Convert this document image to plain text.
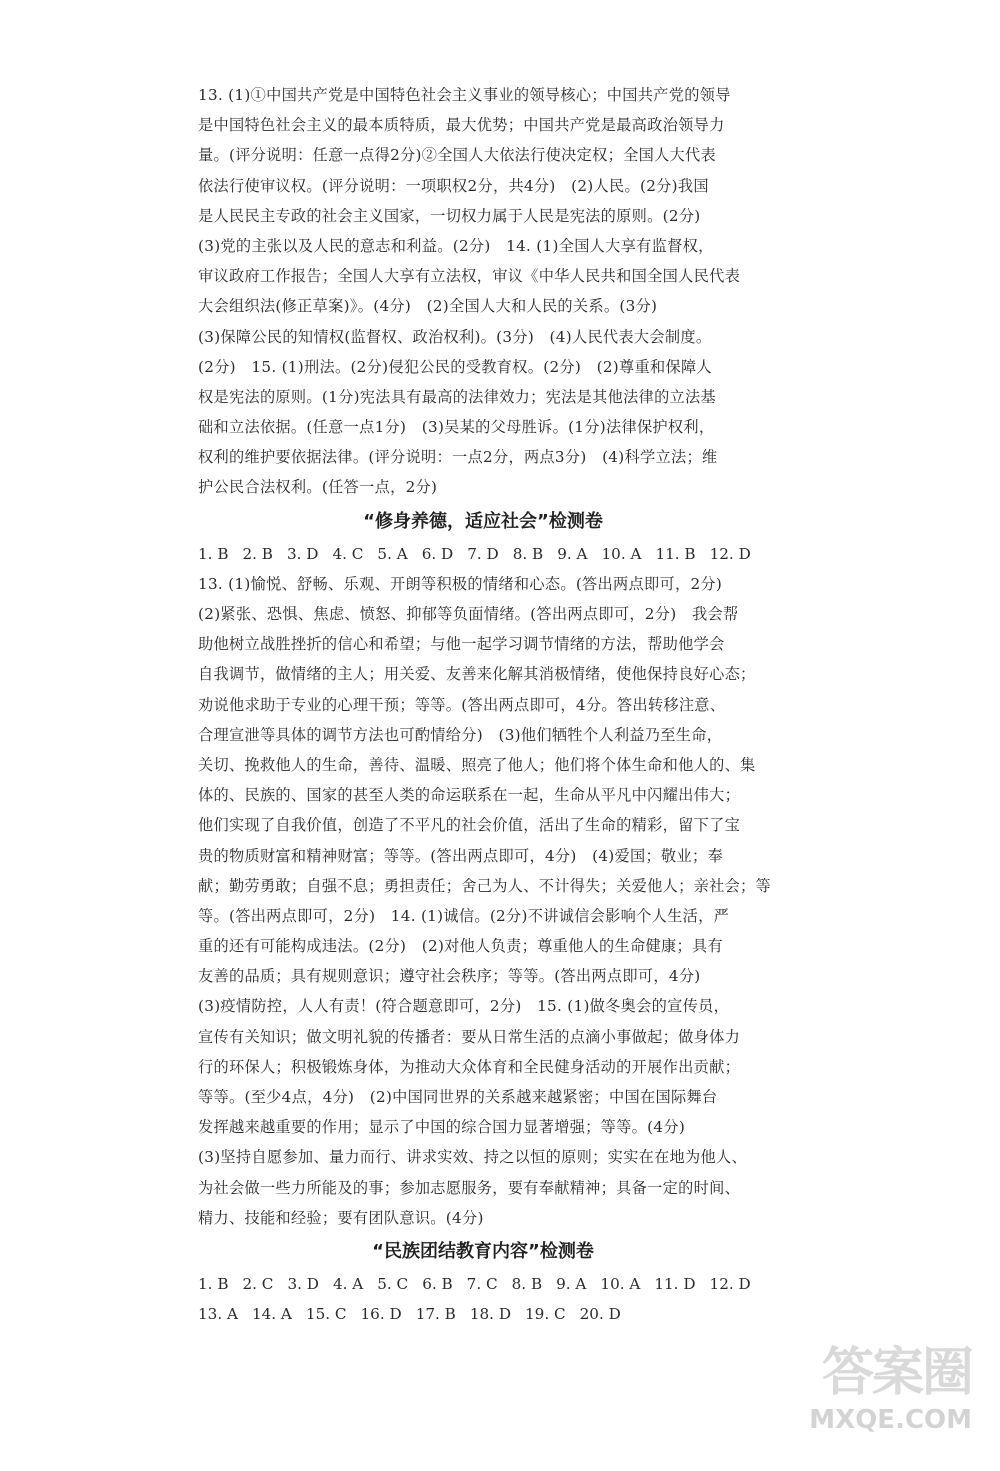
13. (1)①中国共产党是中国特色社会主义事业的领导核心；中国共产党的领导
是中国特色社会主义的最本质特质，最大优势；中国共产党是最高政治领导力
量。(评分说明：任意一点得2分)②全国人大依法行使决定权；全国人大代表
依法行使审议权。(评分说明：一项职权2分，共4分)　(2)人民。(2分)我国
是人民民主专政的社会主义国家，一切权力属于人民是宪法的原则。(2分)
(3)党的主张以及人民的意志和利益。(2分)　14. (1)全国人大享有监督权，
审议政府工作报告；全国人大享有立法权，审议《中华人民共和国全国人民代表
大会组织法(修正草案)》。(4分)　(2)全国人大和人民的关系。(3分)
(3)保障公民的知情权(监督权、政治权利)。(3分)　(4)人民代表大会制度。
(2分)　15. (1)刑法。(2分)侵犯公民的受教育权。(2分)　(2)尊重和保障人
权是宪法的原则。(1分)宪法具有最高的法律效力；宪法是其他法律的立法基
础和立法依据。(任意一点1分)　(3)吴某的父母胜诉。(1分)法律保护权利，
权利的维护要依据法律。(评分说明：一点2分，两点3分)　(4)科学立法；维
护公民合法权利。(任答一点，2分)
“修身养德，适应社会”检测卷
1. B 2. B 3. D 4. C 5. A 6. D 7. D 8. B 9. A 10. A 11. B 12. D
13. (1)愉悦、舒畅、乐观、开朗等积极的情绪和心态。(答出两点即可，2分)
(2)紧张、恐惧、焦虑、愤怒、抑郁等负面情绪。(答出两点即可，2分)　我会帮
助他树立战胜挫折的信心和希望；与他一起学习调节情绪的方法，帮助他学会
自我调节，做情绪的主人；用关爱、友善来化解其消极情绪，使他保持良好心态；
劝说他求助于专业的心理干预；等等。(答出两点即可，4分。答出转移注意、
合理宣泄等具体的调节方法也可酌情给分)　(3)他们牺牲个人利益乃至生命，
关切、挽救他人的生命，善待、温暖、照亮了他人；他们将个体生命和他人的、集
体的、民族的、国家的甚至人类的命运联系在一起，生命从平凡中闪耀出伟大；
他们实现了自我价值，创造了不平凡的社会价值，活出了生命的精彩，留下了宝
贵的物质财富和精神财富；等等。(答出两点即可，4分)　(4)爱国；敬业；奉
献；勤劳勇敢；自强不息；勇担责任；舍己为人、不计得失；关爱他人；亲社会；等
等。(答出两点即可，2分)　14. (1)诚信。(2分)不讲诚信会影响个人生活，严
重的还有可能构成违法。(2分)　(2)对他人负责；尊重他人的生命健康；具有
友善的品质；具有规则意识；遵守社会秩序；等等。(答出两点即可，4分)
(3)疫情防控，人人有责！(符合题意即可，2分)　15. (1)做冬奥会的宣传员，
宣传有关知识；做文明礼貌的传播者：要从日常生活的点滴小事做起；做身体力
行的环保人；积极锻炼身体，为推动大众体育和全民健身活动的开展作出贡献；
等等。(至少4点，4分)　(2)中国同世界的关系越来越紧密；中国在国际舞台
发挥越来越重要的作用；显示了中国的综合国力显著增强；等等。(4分)
(3)坚持自愿参加、量力而行、讲求实效、持之以恒的原则；实实在在地为他人、
为社会做一些力所能及的事；参加志愿服务，要有奉献精神；具备一定的时间、
精力、技能和经验；要有团队意识。(4分)
“民族团结教育内容”检测卷
1. B 2. C 3. D 4. A 5. C 6. B 7. C 8. B 9. A 10. A 11. D 12. D
13. A 14. A 15. C 16. D 17. B 18. D 19. C 20. D
答案圈
MXQE.COM
